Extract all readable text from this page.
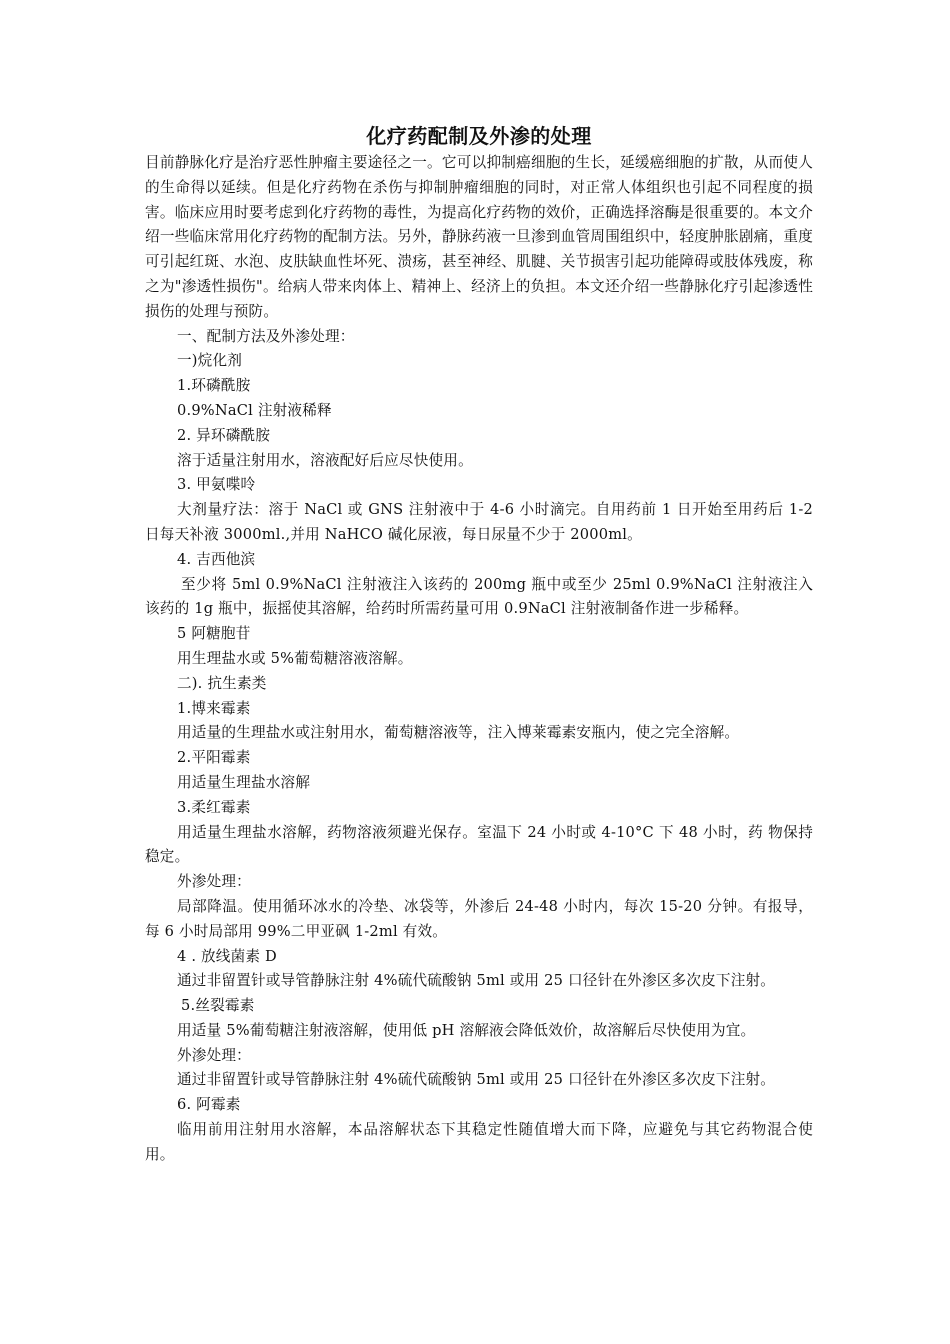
化疗药配制及外渗的处理

目前静脉化疗是治疗恶性肿瘤主要途径之一。它可以抑制癌细胞的生长，延缓癌细胞的扩散，从而使人的生命得以延续。但是化疗药物在杀伤与抑制肿瘤细胞的同时，对正常人体组织也引起不同程度的损害。临床应用时要考虑到化疗药物的毒性，为提高化疗药物的效价，正确选择溶酶是很重要的。本文介绍一些临床常用化疗药物的配制方法。另外，静脉药液一旦渗到血管周围组织中，轻度肿胀剧痛，重度可引起红斑、水泡、皮肤缺血性坏死、溃疡，甚至神经、肌腱、关节损害引起功能障碍或肢体残废，称之为"渗透性损伤"。给病人带来肉体上、精神上、经济上的负担。本文还介绍一些静脉化疗引起渗透性损伤的处理与预防。

一、配制方法及外渗处理：

一)烷化剂

1.环磷酰胺

0.9%NaCl 注射液稀释

2. 异环磷酰胺

溶于适量注射用水，溶液配好后应尽快使用。

3. 甲氨喋呤

大剂量疗法：溶于 NaCl 或 GNS 注射液中于 4-6 小时滴完。自用药前 1 日开始至用药后 1-2 日每天补液 3000ml.,并用 NaHCO 碱化尿液，每日尿量不少于 2000ml。

4. 吉西他滨

至少将 5ml 0.9%NaCl 注射液注入该药的 200mg 瓶中或至少 25ml 0.9%NaCl 注射液注入该药的 1g 瓶中，振摇使其溶解，给药时所需药量可用 0.9NaCl 注射液制备作进一步稀释。

5 阿糖胞苷

用生理盐水或 5%葡萄糖溶液溶解。

二). 抗生素类

1.博来霉素

用适量的生理盐水或注射用水，葡萄糖溶液等，注入博莱霉素安瓶内，使之完全溶解。

2.平阳霉素

用适量生理盐水溶解

3.柔红霉素

用适量生理盐水溶解，药物溶液须避光保存。室温下 24 小时或 4-10°C 下 48 小时，药 物保持稳定。

外渗处理：

局部降温。使用循环冰水的冷垫、冰袋等，外渗后 24-48 小时内，每次 15-20 分钟。有报导，每 6 小时局部用 99%二甲亚砜 1-2ml 有效。

4 . 放线菌素 D

通过非留置针或导管静脉注射 4%硫代硫酸钠 5ml 或用 25 口径针在外渗区多次皮下注射。

5.丝裂霉素

用适量 5%葡萄糖注射液溶解，使用低 pH 溶解液会降低效价，故溶解后尽快使用为宜。

外渗处理：

通过非留置针或导管静脉注射 4%硫代硫酸钠 5ml 或用 25 口径针在外渗区多次皮下注射。

6. 阿霉素

临用前用注射用水溶解，本品溶解状态下其稳定性随值增大而下降，应避免与其它药物混合使用。
